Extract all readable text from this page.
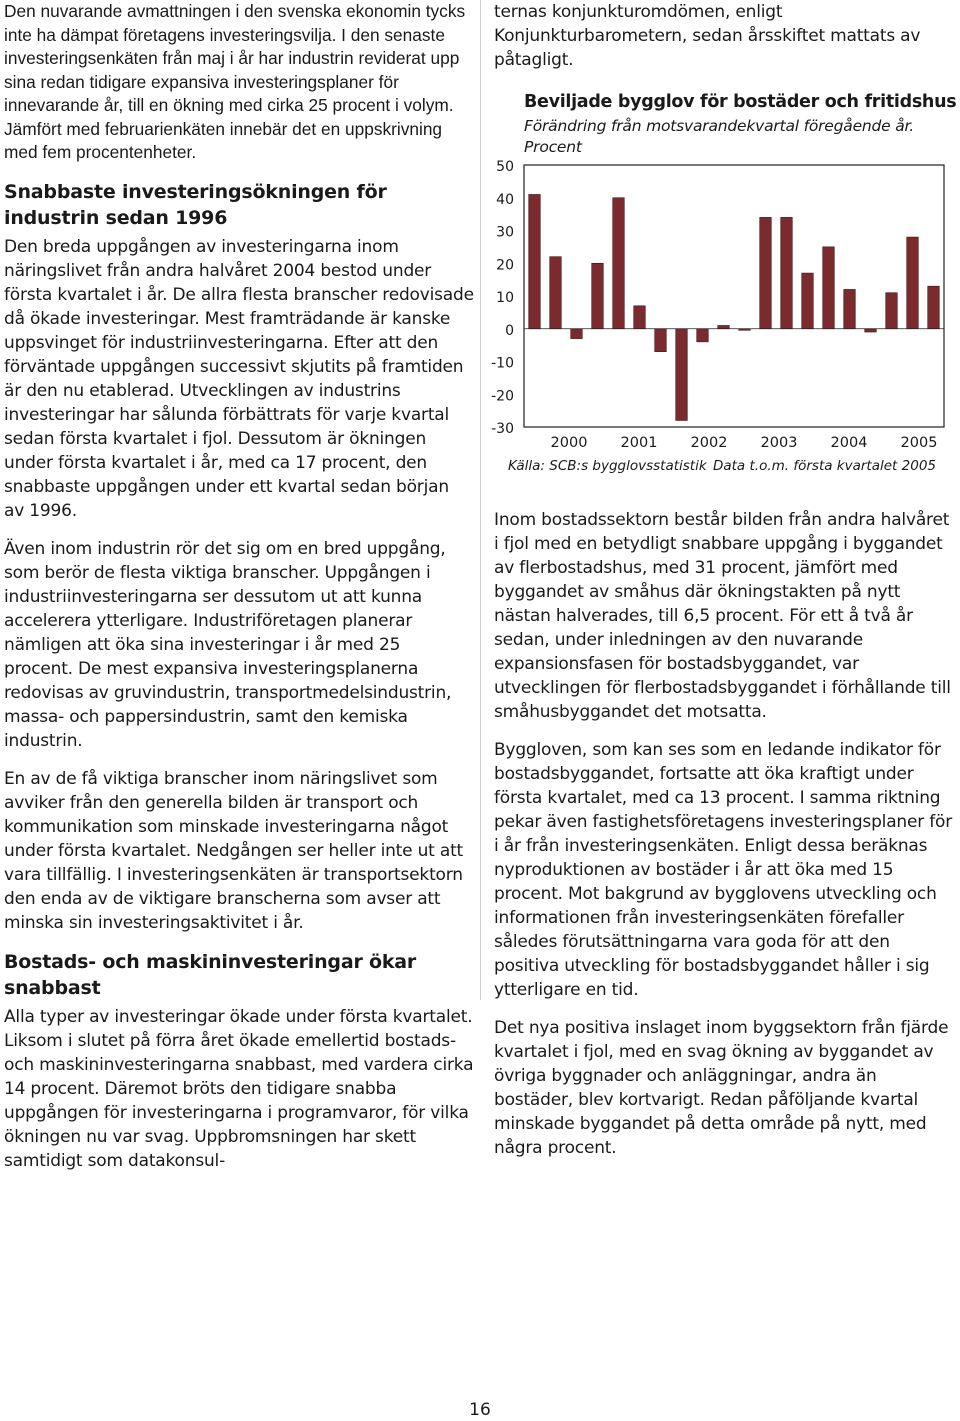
Den nuvarande avmattningen i den svenska ekonomin tycks inte ha dämpat företagens investeringsvilja. I den senaste investeringsenkäten från maj i år har industrin reviderat upp sina redan tidigare expansiva investeringsplaner för innevarande år, till en ökning med cirka 25 procent i volym. Jämfört med februarienkäten innebär det en uppskrivning med fem procentenheter.

Snabbaste investeringsökningen för industrin sedan 1996

Den breda uppgången av investeringarna inom näringslivet från andra halvåret 2004 bestod under första kvartalet i år. De allra flesta branscher redovisade då ökade investeringar. Mest framträdande är kanske uppsvinget för industriinvesteringarna. Efter att den förväntade uppgången successivt skjutits på framtiden är den nu etablerad. Utvecklingen av industrins investeringar har sålunda förbättrats för varje kvartal sedan första kvartalet i fjol. Dessutom är ökningen under första kvartalet i år, med ca 17 procent, den snabbaste uppgången under ett kvartal sedan början av 1996.

Även inom industrin rör det sig om en bred uppgång, som berör de flesta viktiga branscher. Uppgången i industriinvesteringarna ser dessutom ut att kunna accelerera ytterligare. Industriföretagen planerar nämligen att öka sina investeringar i år med 25 procent. De mest expansiva investeringsplanerna redovisas av gruvindustrin, transportmedelsindustrin, massa- och pappersindustrin, samt den kemiska industrin.

En av de få viktiga branscher inom näringslivet som avviker från den generella bilden är transport och kommunikation som minskade investeringarna något under första kvartalet. Nedgången ser heller inte ut att vara tillfällig. I investeringsenkäten är transportsektorn den enda av de viktigare branscherna som avser att minska sin investeringsaktivitet i år.

Bostads- och maskininvesteringar ökar snabbast

Alla typer av investeringar ökade under första kvartalet. Liksom i slutet på förra året ökade emellertid bostads- och maskininvesteringarna snabbast, med vardera cirka 14 procent. Däremot bröts den tidigare snabba uppgången för investeringarna i programvaror, för vilka ökningen nu var svag. Uppbromsningen har skett samtidigt som datakonsul-

ternas konjunkturomdömen, enligt Konjunkturbarometern, sedan årsskiftet mattats av påtagligt.

-30
-20
-10
0
10
20
30
40
50
2000 2001 2002 2003 2004 2005
Källa: SCB:s bygglovsstatistik Data t.o.m. första kvartalet 2005
Beviljade bygglov för bostäder och fritidshus
Förändring från motsvarandekvartal föregående år. Procent

Inom bostadssektorn består bilden från andra halvåret i fjol med en betydligt snabbare uppgång i byggandet av flerbostadshus, med 31 procent, jämfört med byggandet av småhus där ökningstakten på nytt nästan halverades, till 6,5 procent. För ett å två år sedan, under inledningen av den nuvarande expansionsfasen för bostadsbyggandet, var utvecklingen för flerbostadsbyggandet i förhållande till småhusbyggandet det motsatta.

Byggloven, som kan ses som en ledande indikator för bostadsbyggandet, fortsatte att öka kraftigt under första kvartalet, med ca 13 procent. I samma riktning pekar även fastighetsföretagens investeringsplaner för i år från investeringsenkäten. Enligt dessa beräknas nyproduktionen av bostäder i år att öka med 15 procent. Mot bakgrund av bygglovens utveckling och informationen från investeringsenkäten förefaller således förutsättningarna vara goda för att den positiva utveckling för bostadsbyggandet håller i sig ytterligare en tid.

Det nya positiva inslaget inom byggsektorn från fjärde kvartalet i fjol, med en svag ökning av byggandet av övriga byggnader och anläggningar, andra än bostäder, blev kortvarigt. Redan påföljande kvartal minskade byggandet på detta område på nytt, med några procent.

16
